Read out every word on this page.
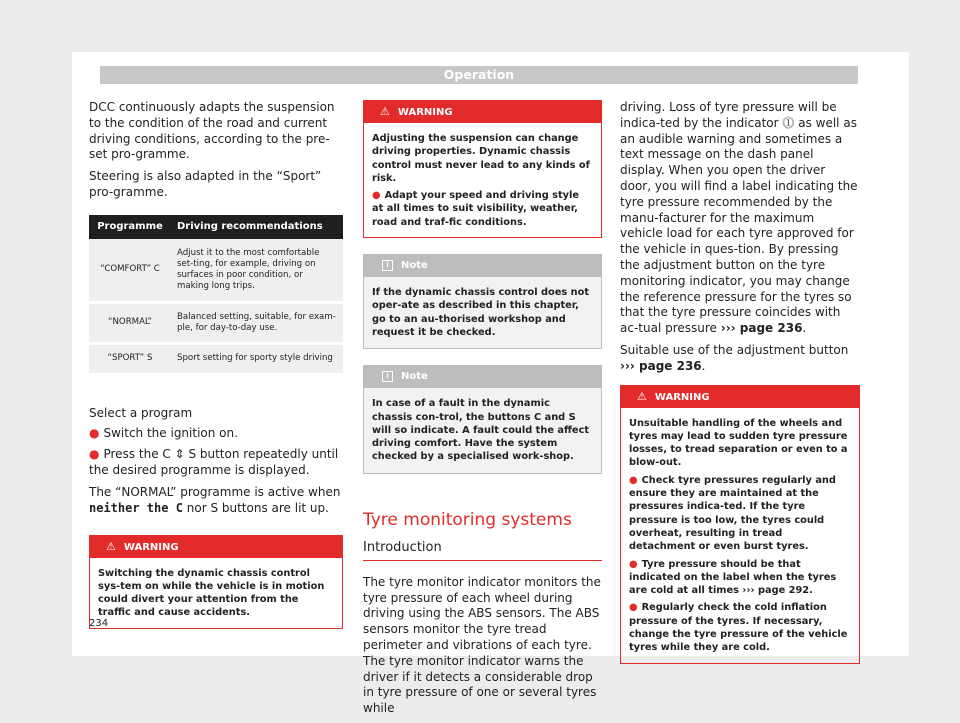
Operation

DCC continuously adapts the suspension to the condition of the road and current driving conditions, according to the pre-set pro-gramme.

Steering is also adapted in the “Sport” pro-gramme.

Programme	Driving recommendations
“COMFORT” C	Adjust it to the most comfortable set-ting, for example, driving on surfaces in poor condition, or making long trips.
“NORMAL”	Balanced setting, suitable, for exam-ple, for day-to-day use.
“SPORT” S	Sport setting for sporty style driving

Select a program

● Switch the ignition on.

● Press the C ⇕ S button repeatedly until the desired programme is displayed.

The “NORMAL” programme is active when neither the C nor S buttons are lit up.

⚠ WARNING
Switching the dynamic chassis control sys-tem on while the vehicle is in motion could divert your attention from the traffic and cause accidents.
⚠ WARNING
Adjusting the suspension can change driving properties. Dynamic chassis control must never lead to any kinds of risk.
● Adapt your speed and driving style at all times to suit visibility, weather, road and traf-fic conditions.
i Note
If the dynamic chassis control does not oper-ate as described in this chapter, go to an au-thorised workshop and request it be checked.
i Note
In case of a fault in the dynamic chassis con-trol, the buttons C and S will so indicate. A fault could the affect driving comfort. Have the system checked by a specialised work-shop.
Tyre monitoring systems
Introduction

The tyre monitor indicator monitors the tyre pressure of each wheel during driving using the ABS sensors. The ABS sensors monitor the tyre tread perimeter and vibrations of each tyre. The tyre monitor indicator warns the driver if it detects a considerable drop in tyre pressure of one or several tyres while

driving. Loss of tyre pressure will be indica-ted by the indicator ⓵ as well as an audible warning and sometimes a text message on the dash panel display. When you open the driver door, you will find a label indicating the tyre pressure recommended by the manu-facturer for the maximum vehicle load for each tyre approved for the vehicle in ques-tion. By pressing the adjustment button on the tyre monitoring indicator, you may change the reference pressure for the tyres so that the tyre pressure coincides with ac-tual pressure ››› page 236.

Suitable use of the adjustment button ››› page 236.

⚠ WARNING
Unsuitable handling of the wheels and tyres may lead to sudden tyre pressure losses, to tread separation or even to a blow-out.
● Check tyre pressures regularly and ensure they are maintained at the pressures indica-ted. If the tyre pressure is too low, the tyres could overheat, resulting in tread detachment or even burst tyres.
● Tyre pressure should be that indicated on the label when the tyres are cold at all times ››› page 292.
● Regularly check the cold inflation pressure of the tyres. If necessary, change the tyre pressure of the vehicle tyres while they are cold.
234
